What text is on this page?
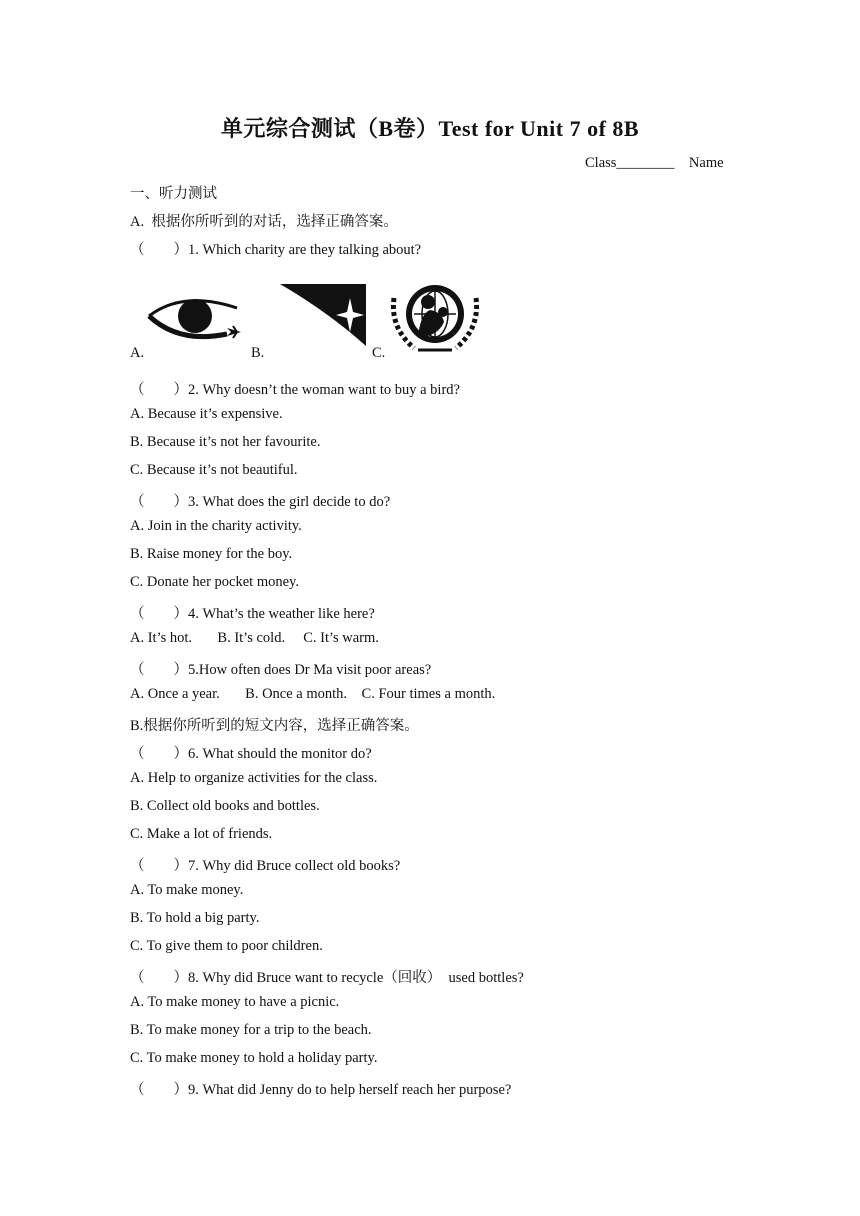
单元综合测试（B卷）Test for Unit 7 of 8B
Class________    Name
一、听力测试
A.  根据你所听到的对话，选择正确答案。
（        ）1. Which charity are they talking about?
A.	B.	C.
（        ）2. Why doesn’t the woman want to buy a bird?
A. Because it’s expensive.
B. Because it’s not her favourite.
C. Because it’s not beautiful.
（        ）3. What does the girl decide to do?
A. Join in the charity activity.
B. Raise money for the boy.
C. Donate her pocket money.
（        ）4. What’s the weather like here?
A. It’s hot.       B. It’s cold.     C. It’s warm.
（        ）5.How often does Dr Ma visit poor areas?
A. Once a year.       B. Once a month.    C. Four times a month.
B.根据你所听到的短文内容，选择正确答案。
（        ）6. What should the monitor do?
A. Help to organize activities for the class.
B. Collect old books and bottles.
C. Make a lot of friends.
（        ）7. Why did Bruce collect old books?
A. To make money.
B. To hold a big party.
C. To give them to poor children.
（        ）8. Why did Bruce want to recycle（回收）  used bottles?
A. To make money to have a picnic.
B. To make money for a trip to the beach.
C. To make money to hold a holiday party.
（        ）9. What did Jenny do to help herself reach her purpose?
